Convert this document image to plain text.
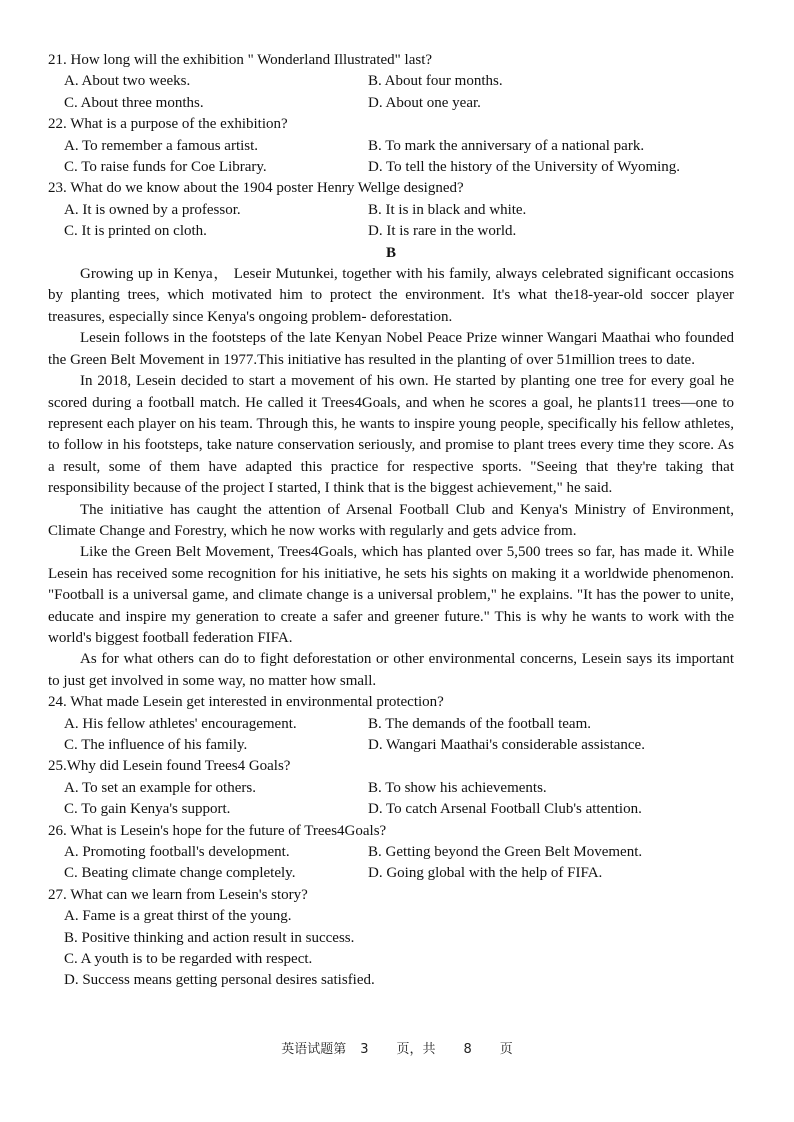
21. How long will the exhibition " Wonderland Illustrated" last?
A. About two weeks.	B. About four months.
C. About three months.	D. About one year.
22. What is a purpose of the exhibition?
A. To remember a famous artist.	B. To mark the anniversary of a national park.
C. To raise funds for Coe Library.	D. To tell the history of the University of Wyoming.
23. What do we know about the 1904 poster Henry Wellge designed?
A. It is owned by a professor.	B. It is in black and white.
C. It is printed on cloth.	D. It is rare in the world.
B

Growing up in Kenya， Leseir Mutunkei, together with his family, always celebrated significant occasions by planting trees, which motivated him to protect the environment. It's what the18-year-old soccer player treasures, especially since Kenya's ongoing problem- deforestation.

Lesein follows in the footsteps of the late Kenyan Nobel Peace Prize winner Wangari Maathai who founded the Green Belt Movement in 1977.This initiative has resulted in the planting of over 51million trees to date.

In 2018, Lesein decided to start a movement of his own. He started by planting one tree for every goal he scored during a football match. He called it Trees4Goals, and when he scores a goal, he plants11 trees—one to represent each player on his team. Through this, he wants to inspire young people, specifically his fellow athletes, to follow in his footsteps, take nature conservation seriously, and promise to plant trees every time they score. As a result, some of them have adapted this practice for respective sports. "Seeing that they're taking that responsibility because of the project I started, I think that is the biggest achievement," he said.

The initiative has caught the attention of Arsenal Football Club and Kenya's Ministry of Environment, Climate Change and Forestry, which he now works with regularly and gets advice from.

Like the Green Belt Movement, Trees4Goals, which has planted over 5,500 trees so far, has made it. While Lesein has received some recognition for his initiative, he sets his sights on making it a worldwide phenomenon. "Football is a universal game, and climate change is a universal problem," he explains. "It has the power to unite, educate and inspire my generation to create a safer and greener future." This is why he wants to work with the world's biggest football federation FIFA.

As for what others can do to fight deforestation or other environmental concerns, Lesein says its important to just get involved in some way, no matter how small.

24. What made Lesein get interested in environmental protection?
A. His fellow athletes' encouragement.	B. The demands of the football team.
C. The influence of his family.	D. Wangari Maathai's considerable assistance.
25.Why did Lesein found Trees4 Goals?
A. To set an example for others.	B. To show his achievements.
C. To gain Kenya's support.	D. To catch Arsenal Football Club's attention.
26. What is Lesein's hope for the future of Trees4Goals?
A. Promoting football's development.	B. Getting beyond the Green Belt Movement.
C. Beating climate change completely.	D. Going global with the help of FIFA.
27. What can we learn from Lesein's story?
A. Fame is a great thirst of the young.
B. Positive thinking and action result in success.
C. A youth is to be regarded with respect.
D. Success means getting personal desires satisfied.
英语试题第 3 页，共 8 页
